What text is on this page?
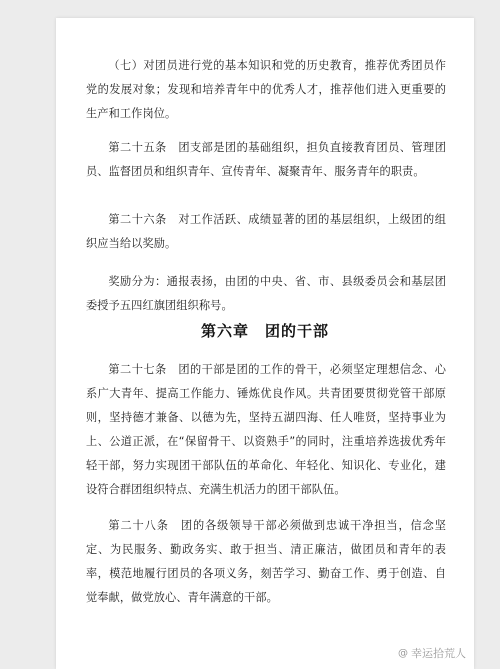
（七）对团员进行党的基本知识和党的历史教育，推荐优秀团员作党的发展对象；发现和培养青年中的优秀人才，推荐他们进入更重要的生产和工作岗位。

第二十五条　团支部是团的基础组织，担负直接教育团员、管理团员、监督团员和组织青年、宣传青年、凝聚青年、服务青年的职责。

第二十六条　对工作活跃、成绩显著的团的基层组织，上级团的组织应当给以奖励。

奖励分为：通报表扬，由团的中央、省、市、县级委员会和基层团委授予五四红旗团组织称号。

第六章　团的干部

第二十七条　团的干部是团的工作的骨干，必须坚定理想信念、心系广大青年、提高工作能力、锤炼优良作风。共青团要贯彻党管干部原则，坚持德才兼备、以德为先，坚持五湖四海、任人唯贤，坚持事业为上、公道正派，在“保留骨干、以资熟手”的同时，注重培养选拔优秀年轻干部，努力实现团干部队伍的革命化、年轻化、知识化、专业化，建设符合群团组织特点、充满生机活力的团干部队伍。

第二十八条　团的各级领导干部必须做到忠诚干净担当，信念坚定、为民服务、勤政务实、敢于担当、清正廉洁，做团员和青年的表率，模范地履行团员的各项义务，刻苦学习、勤奋工作、勇于创造、自觉奉献，做党放心、青年满意的干部。

@ 幸运拾荒人
